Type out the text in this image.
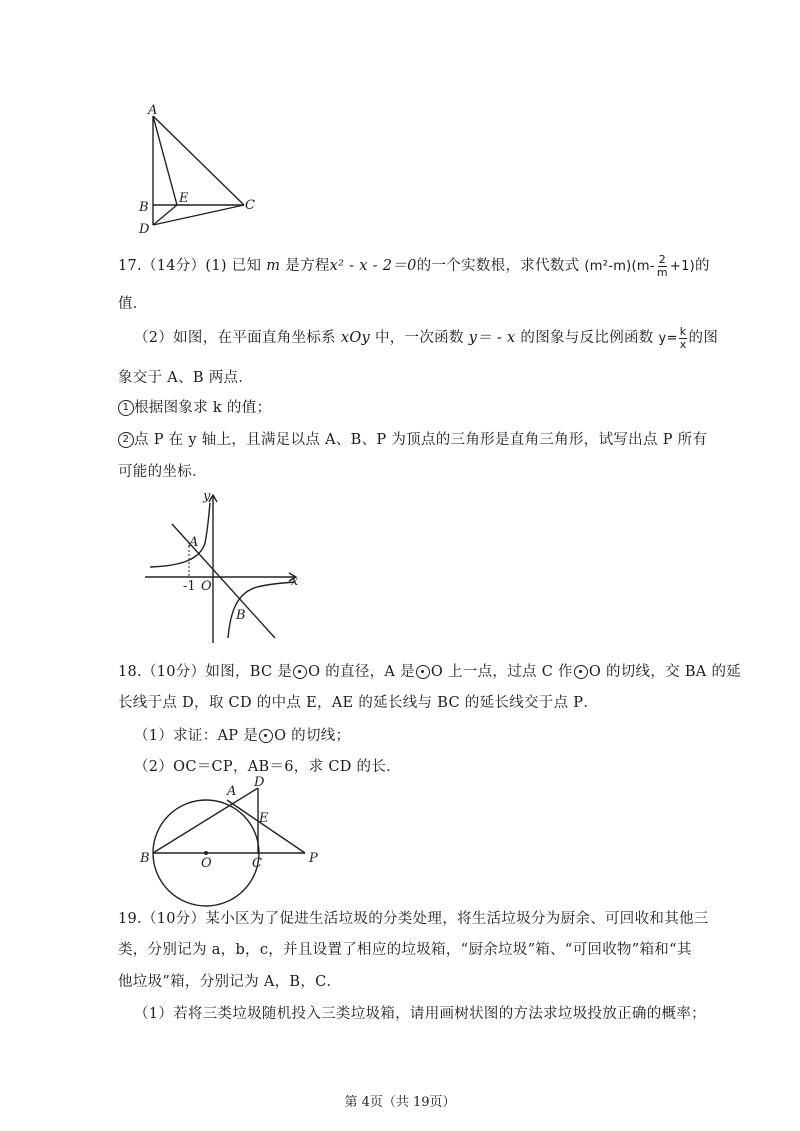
A
E
B	C
D
17.（14分）(1) 已知 m 是方程x² - x - 2＝0的一个实数根，求代数式 $(m^2-m)(m- \frac{2}{m} +1)$的
值．
（2）如图，在平面直角坐标系 xOy 中，一次函数 y＝ - x 的图象与反比例函数 $y= \frac{k}{x}$ 的图
象交于 A、B 两点．
1 根据图象求 k 的值；
2 点 P 在 y 轴上，且满足以点 A、B、P 为顶点的三角形是直角三角形，试写出点 P 所有
可能的坐标．
y
A
-1 O	x
B
18.（10分）如图，BC 是 O 的直径，A 是 O 上一点，过点 C 作 O 的切线，交 BA 的延
长线于点 D，取 CD 的中点 E，AE 的延长线与 BC 的延长线交于点 P．
（1）求证：AP 是 O 的切线；
（2）OC＝CP，AB＝6，求 CD 的长．
D
A
E
B	O	C	P
19.（10分）某小区为了促进生活垃圾的分类处理，将生活垃圾分为厨余、可回收和其他三
类，分别记为 a，b，c，并且设置了相应的垃圾箱，“厨余垃圾”箱、“可回收物”箱和“其
他垃圾”箱，分别记为 A，B，C．
（1）若将三类垃圾随机投入三类垃圾箱，请用画树状图的方法求垃圾投放正确的概率；
第 4页（共 19页）
